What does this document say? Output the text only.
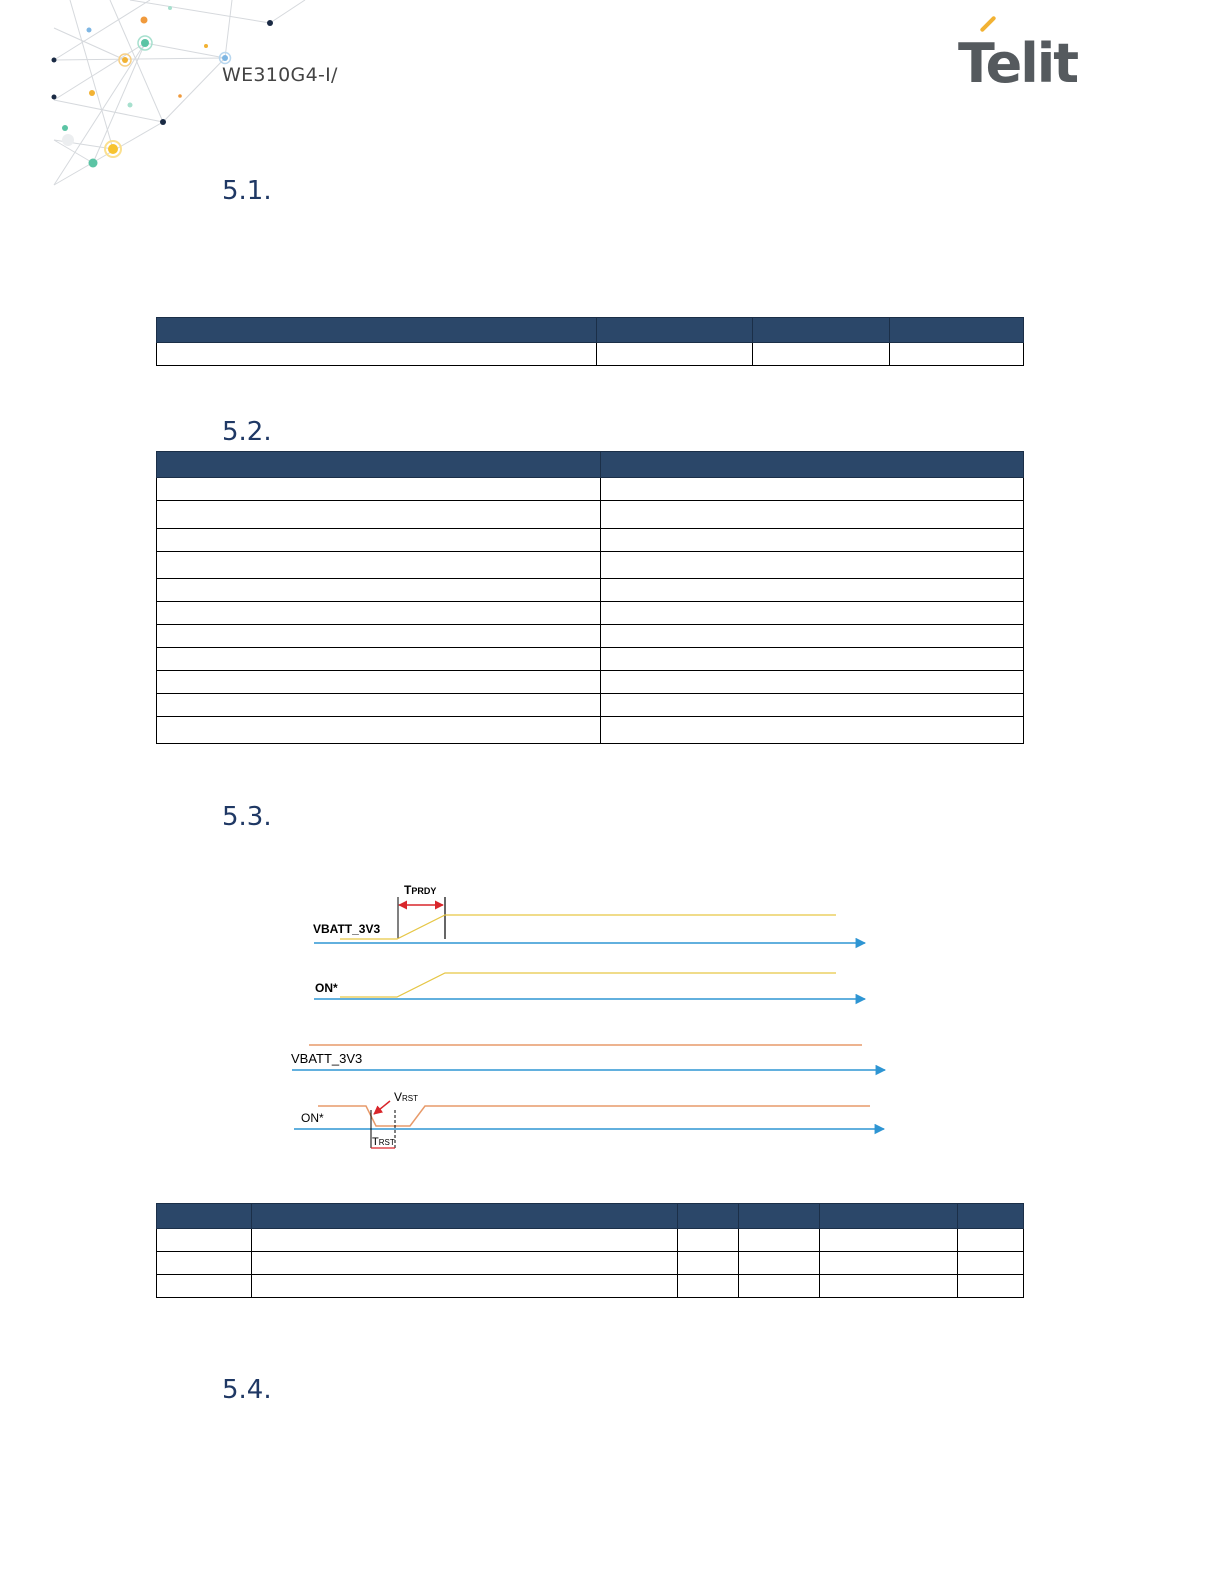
WE310G4-I/	Telit
5.1.

5.2.

5.3.
TPRDY
VBATT_3V3
ON*
VBATT_3V3
VRST
ON*
TRST

5.4.
